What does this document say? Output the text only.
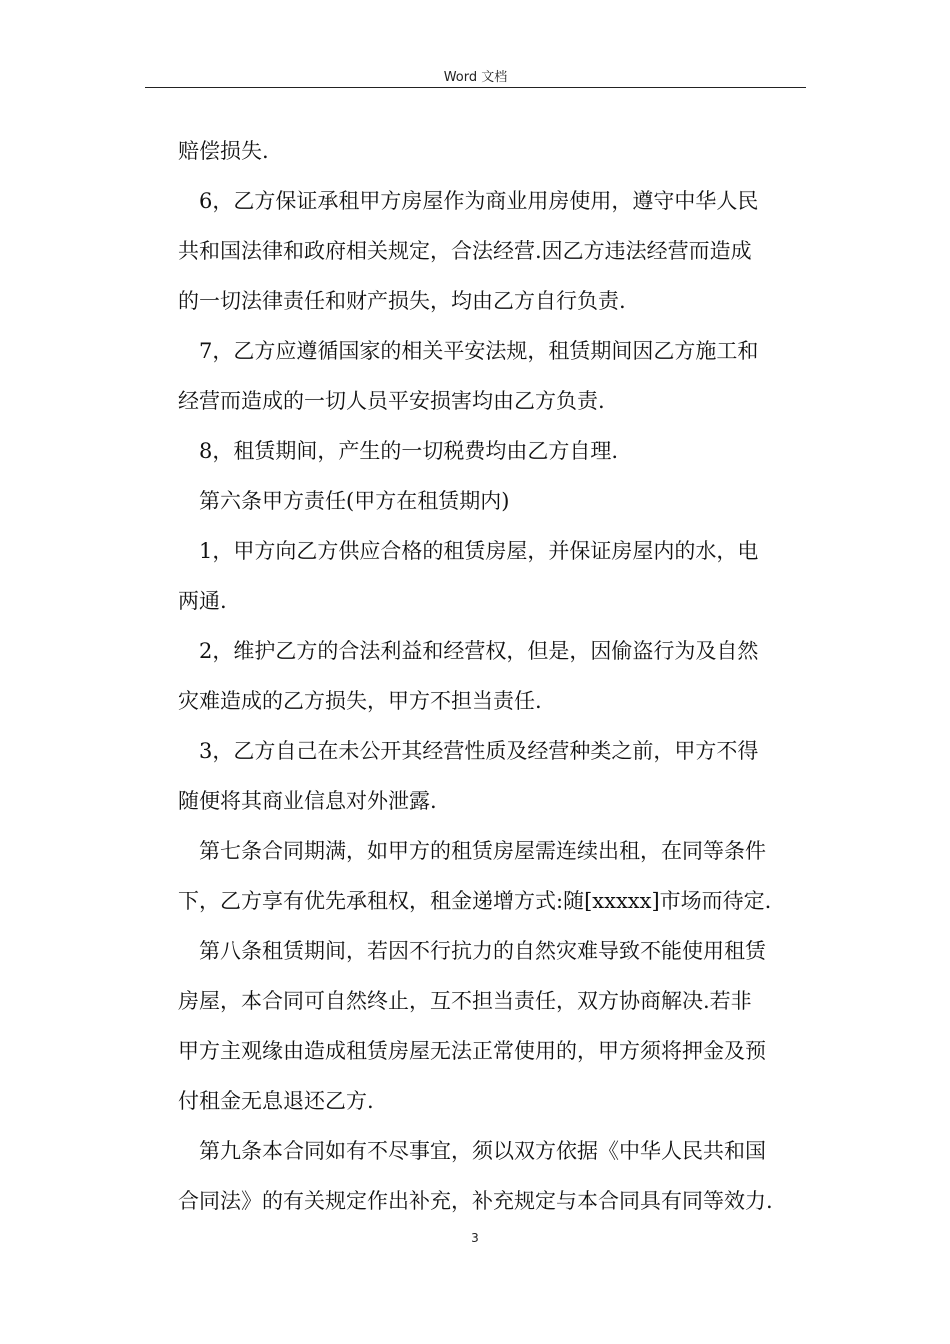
Word 文档

赔偿损失.

6，乙方保证承租甲方房屋作为商业用房使用，遵守中华人民

共和国法律和政府相关规定，合法经营.因乙方违法经营而造成

的一切法律责任和财产损失，均由乙方自行负责.

7，乙方应遵循国家的相关平安法规，租赁期间因乙方施工和

经营而造成的一切人员平安损害均由乙方负责.

8，租赁期间，产生的一切税费均由乙方自理.

第六条甲方责任(甲方在租赁期内)

1，甲方向乙方供应合格的租赁房屋，并保证房屋内的水，电

两通.

2，维护乙方的合法利益和经营权，但是，因偷盗行为及自然

灾难造成的乙方损失，甲方不担当责任.

3，乙方自己在未公开其经营性质及经营种类之前，甲方不得

随便将其商业信息对外泄露.

第七条合同期满，如甲方的租赁房屋需连续出租，在同等条件

下，乙方享有优先承租权，租金递增方式:随[xxxxx]市场而待定.

第八条租赁期间，若因不行抗力的自然灾难导致不能使用租赁

房屋，本合同可自然终止，互不担当责任，双方协商解决.若非

甲方主观缘由造成租赁房屋无法正常使用的，甲方须将押金及预

付租金无息退还乙方.

第九条本合同如有不尽事宜，须以双方依据《中华人民共和国

合同法》的有关规定作出补充，补充规定与本合同具有同等效力.

3
